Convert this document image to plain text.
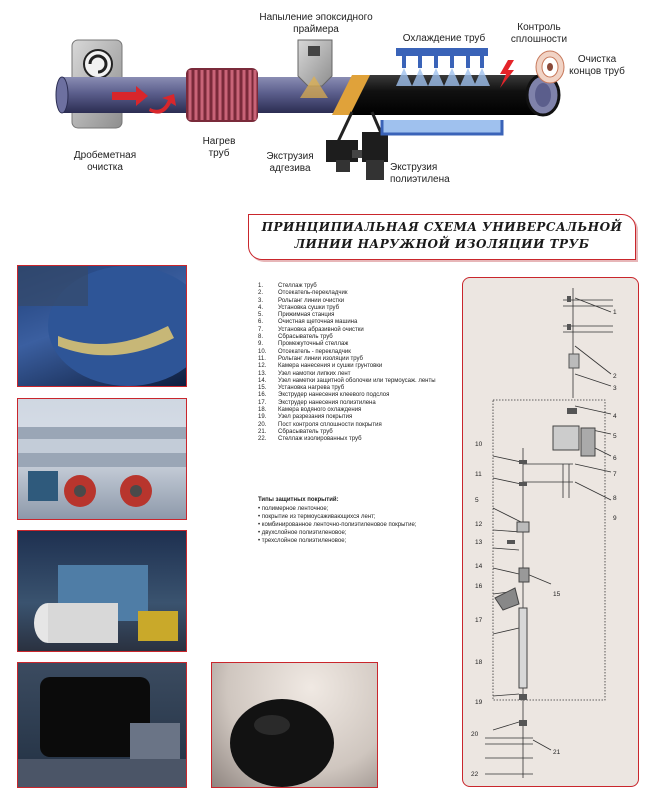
Дробеметная очистка
Нагрев труб
Напыление эпоксидного праймера
Экструзия адгезива	Экструзия полиэтилена
Охлаждение труб
Контроль сплошности
Очистка концов труб
ПРИНЦИПИАЛЬНАЯ СХЕМА УНИВЕРСАЛЬНОЙ ЛИНИИ НАРУЖНОЙ ИЗОЛЯЦИИ ТРУБ
1.	Стеллаж труб
2.	Отсекатель-перекладчик
3.	Рольганг линии очистки
4.	Установка сушки труб
5.	Прижимная станция
6.	Очистная щеточная машина
7.	Установка абразивной очистки
8.	Сбрасыватель труб
9.	Промежуточный стеллаж
10.	Отсекатель - перекладчик
11.	Рольганг линии изоляции труб
12.	Камера нанесения и сушки грунтовки
13.	Узел намотки липких лент
14.	Узел наметки защитной оболочки или термоусаж. ленты
15.	Установка нагрева труб
16.	Экструдер нанесения клеевого подслоя
17.	Экструдер нанесения полиэтилена
18.	Камера водяного охлаждения
19.	Узел разрезания покрытия
20.	Пост контроля сплошности покрытия
21.	Сбрасыватель труб
22.	Стеллаж изолированных труб
Типы защитных покрытий:
• полимерное ленточное;
• покрытие из термоусаживающихся лент;
• комбинированное ленточно-полиэтиленовое покрытие;
• двухслойное полиэтиленовое;
• трехслойное полиэтиленовое;
1
2
3
4
5
6
7
8
9
10
11
5
12
13
14
15
16
17
18
19
20
21
22
